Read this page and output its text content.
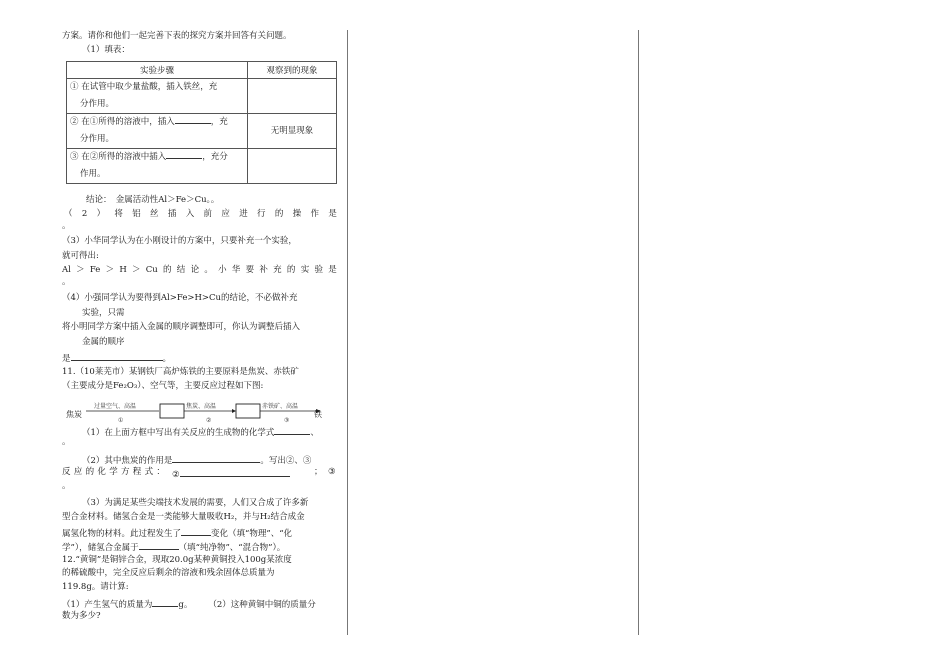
方案。请你和他们一起完善下表的探究方案并回答有关问题。
（1）填表：
实验步骤	观察到的现象

① 在试管中取少量盐酸，插入铁丝，充
分作用。	

② 在①所得的溶液中，插入 ，充
分作用。	无明显现象

③ 在②所得的溶液中插入 ，充分
作用。	

结论：　金属活动性Al＞Fe＞Cu。。
（ 2 ） 将 铝 丝 插 入 前 应 进 行 的 操 作 是
。
（3）小华同学认为在小刚设计的方案中，只要补充一个实验，
就可得出:
Al ＞ Fe ＞ H ＞ Cu 的 结 论 。 小 华 要 补 充 的 实 验 是
。
（4）小强同学认为要得到Al>Fe>H>Cu的结论，不必做补充
实验，只需
将小明同学方案中插入金属的顺序调整即可，你认为调整后插入
金属的顺序
是	。
11.（10莱芜市）某钢铁厂高炉炼铁的主要原料是焦炭、赤铁矿
（主要成分是Fe₂O₃）、空气等，主要反应过程如下图:
焦炭
过量空气、高温
①
焦炭、高温
②
赤铁矿、高温
③
铁
（1）在上面方框中写出有关反应的生成物的化学式	、
。
（2）其中焦炭的作用是	。写出②、③
反 应 的 化 学 方 程 式 ： ②	； ③
。
（3）为满足某些尖端技术发展的需要，人们又合成了许多新
型合金材料。储氢合金是一类能够大量吸收H₂，并与H₂结合成金
属氢化物的材料。此过程发生了	变化（填“物理”、“化
学”），储氢合金属于	（填“纯净物”、“混合物”）。
12.“黄铜”是铜锌合金，现取20.0g某种黄铜投入100g某浓度
的稀硫酸中，完全反应后剩余的溶液和残余固体总质量为
119.8g。请计算:
（1）产生氢气的质量为	g。 （2）这种黄铜中铜的质量分
数为多少?
